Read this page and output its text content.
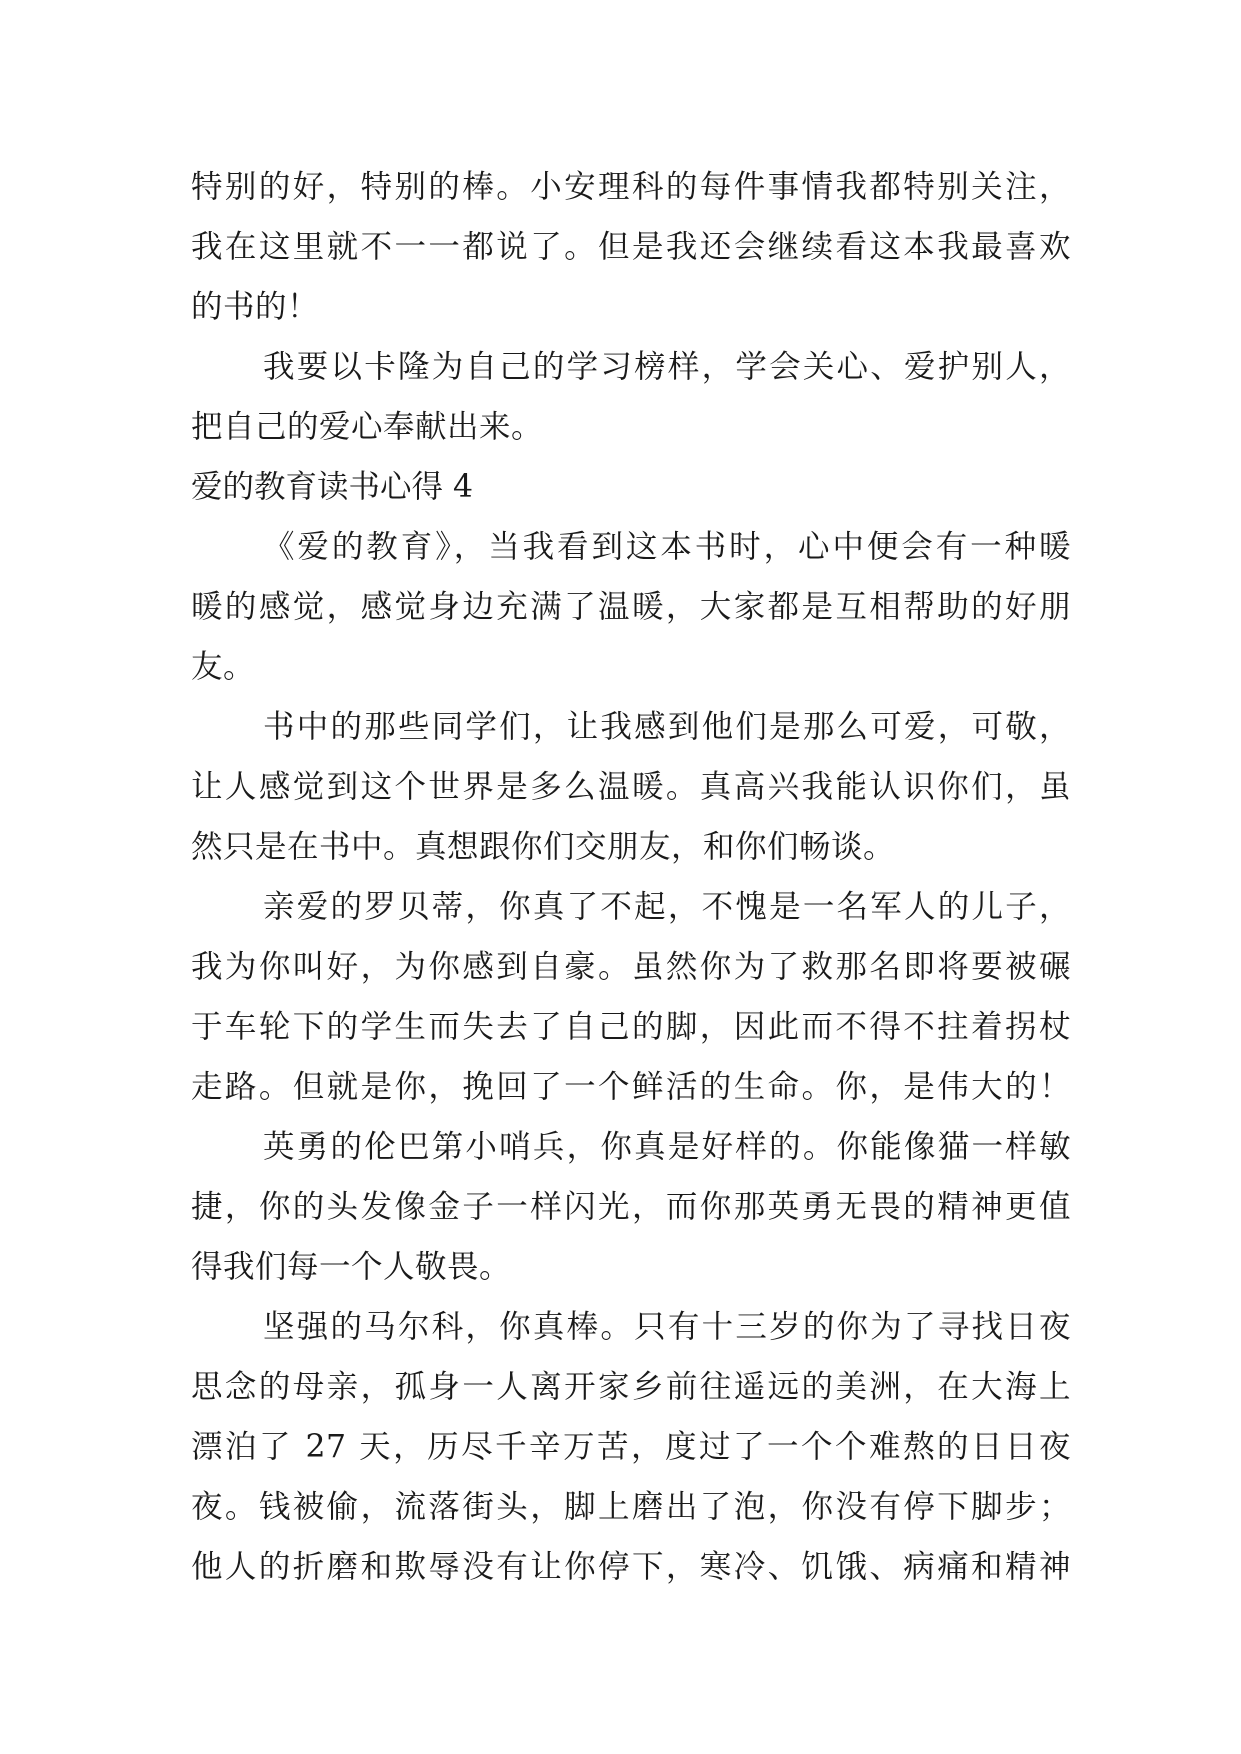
特别的好，特别的棒。小安理科的每件事情我都特别关注，
我在这里就不一一都说了。但是我还会继续看这本我最喜欢
的书的！
我要以卡隆为自己的学习榜样，学会关心、爱护别人，
把自己的爱心奉献出来。
爱的教育读书心得 4
《爱的教育》，当我看到这本书时，心中便会有一种暖
暖的感觉，感觉身边充满了温暖，大家都是互相帮助的好朋
友。
书中的那些同学们，让我感到他们是那么可爱，可敬，
让人感觉到这个世界是多么温暖。真高兴我能认识你们，虽
然只是在书中。真想跟你们交朋友，和你们畅谈。
亲爱的罗贝蒂，你真了不起，不愧是一名军人的儿子，
我为你叫好，为你感到自豪。虽然你为了救那名即将要被碾
于车轮下的学生而失去了自己的脚，因此而不得不拄着拐杖
走路。但就是你，挽回了一个鲜活的生命。你，是伟大的！
英勇的伦巴第小哨兵，你真是好样的。你能像猫一样敏
捷，你的头发像金子一样闪光，而你那英勇无畏的精神更值
得我们每一个人敬畏。
坚强的马尔科，你真棒。只有十三岁的你为了寻找日夜
思念的母亲，孤身一人离开家乡前往遥远的美洲，在大海上
漂泊了 27 天，历尽千辛万苦，度过了一个个难熬的日日夜
夜。钱被偷，流落街头，脚上磨出了泡，你没有停下脚步；
他人的折磨和欺辱没有让你停下，寒冷、饥饿、病痛和精神
